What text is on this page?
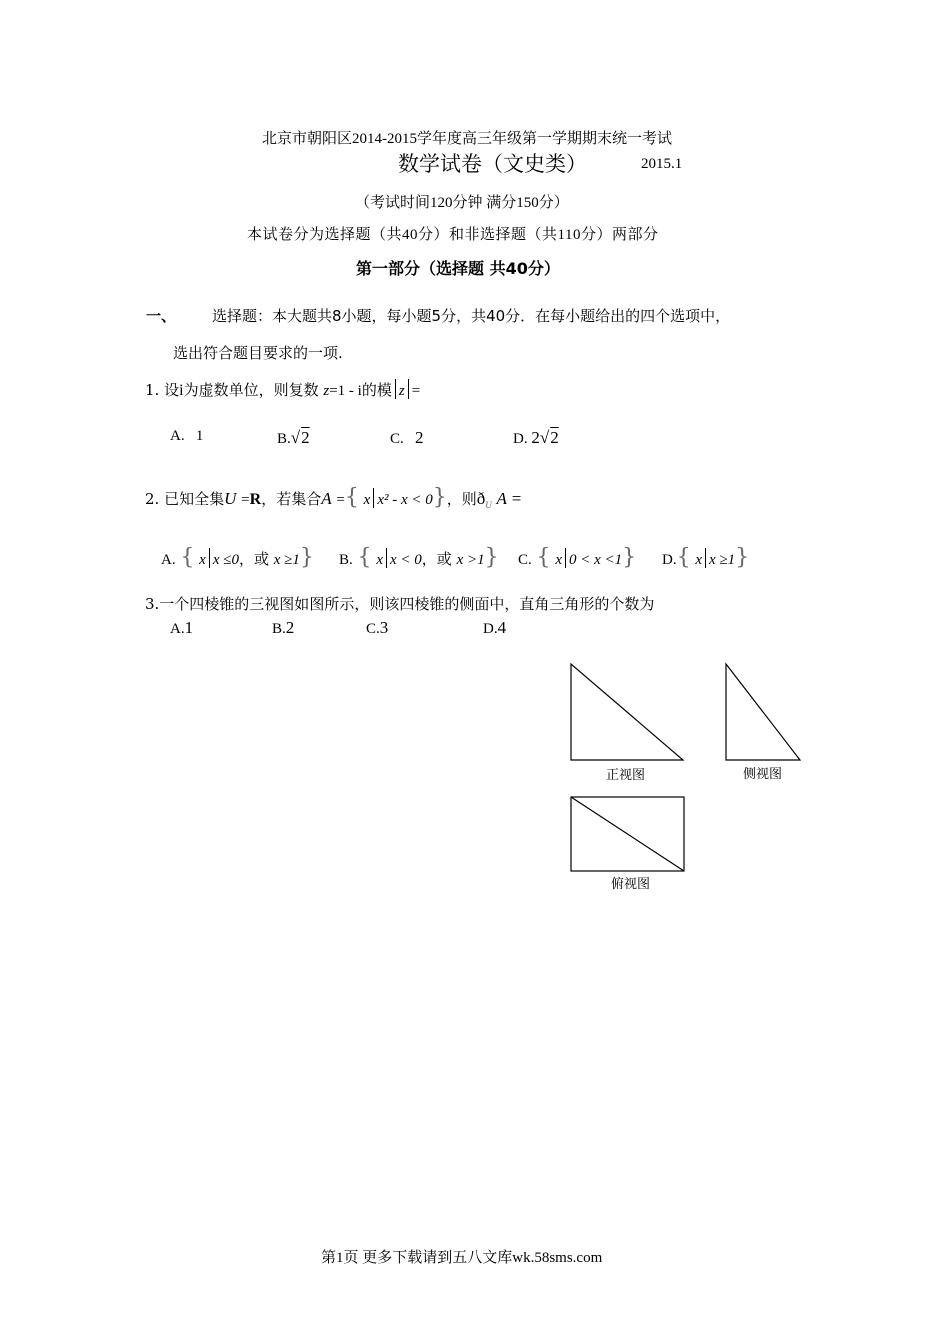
北京市朝阳区2014-2015学年度高三年级第一学期期末统一考试
数学试卷（文史类）	2015.1
（考试时间120分钟 满分150分）
本试卷分为选择题（共40分）和非选择题（共110分）两部分
第一部分（选择题 共40分）
一、 选择题：本大题共8小题，每小题5分，共40分．在每小题给出的四个选项中，
选出符合题目要求的一项.
1. 设i为虚数单位，则复数 z=1 - i的模 z =
A. 1	B.√2	C. 2	D. 2√2
2. 已知全集U =R，若集合A ={ x x² - x < 0}，则$ð_U$ A =
A. { x x ≤0，或 x ≥1} B. { x x < 0，或 x >1} C. { x 0 < x <1} D.{ x x ≥1}
3.一个四棱锥的三视图如图所示，则该四棱锥的侧面中，直角三角形的个数为
A.1	B.2	C.3	D.4
正视图	侧视图
俯视图
第1页 更多下载请到五八文库wk.58sms.com
